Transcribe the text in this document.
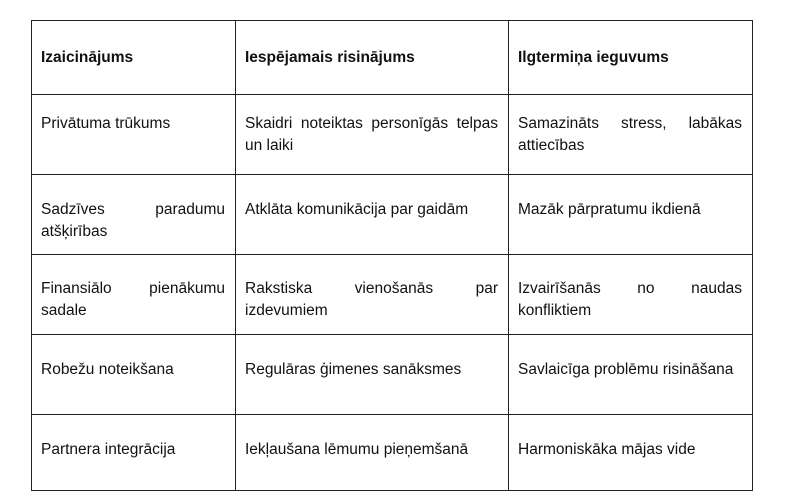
Izaicinājums	Iespējamais risinājums	Ilgtermiņa ieguvums
Privātuma trūkums	Skaidri noteiktas personīgās telpas un laiki	Samazināts stress, labākas attiecības
Sadzīves paradumu atšķirības	Atklāta komunikācija par gaidām	Mazāk pārpratumu ikdienā
Finansiālo pienākumu sadale	Rakstiska vienošanās par izdevumiem	Izvairīšanās no naudas konfliktiem
Robežu noteikšana	Regulāras ģimenes sanāksmes	Savlaicīga problēmu risināšana
Partnera integrācija	Iekļaušana lēmumu pieņemšanā	Harmoniskāka mājas vide
